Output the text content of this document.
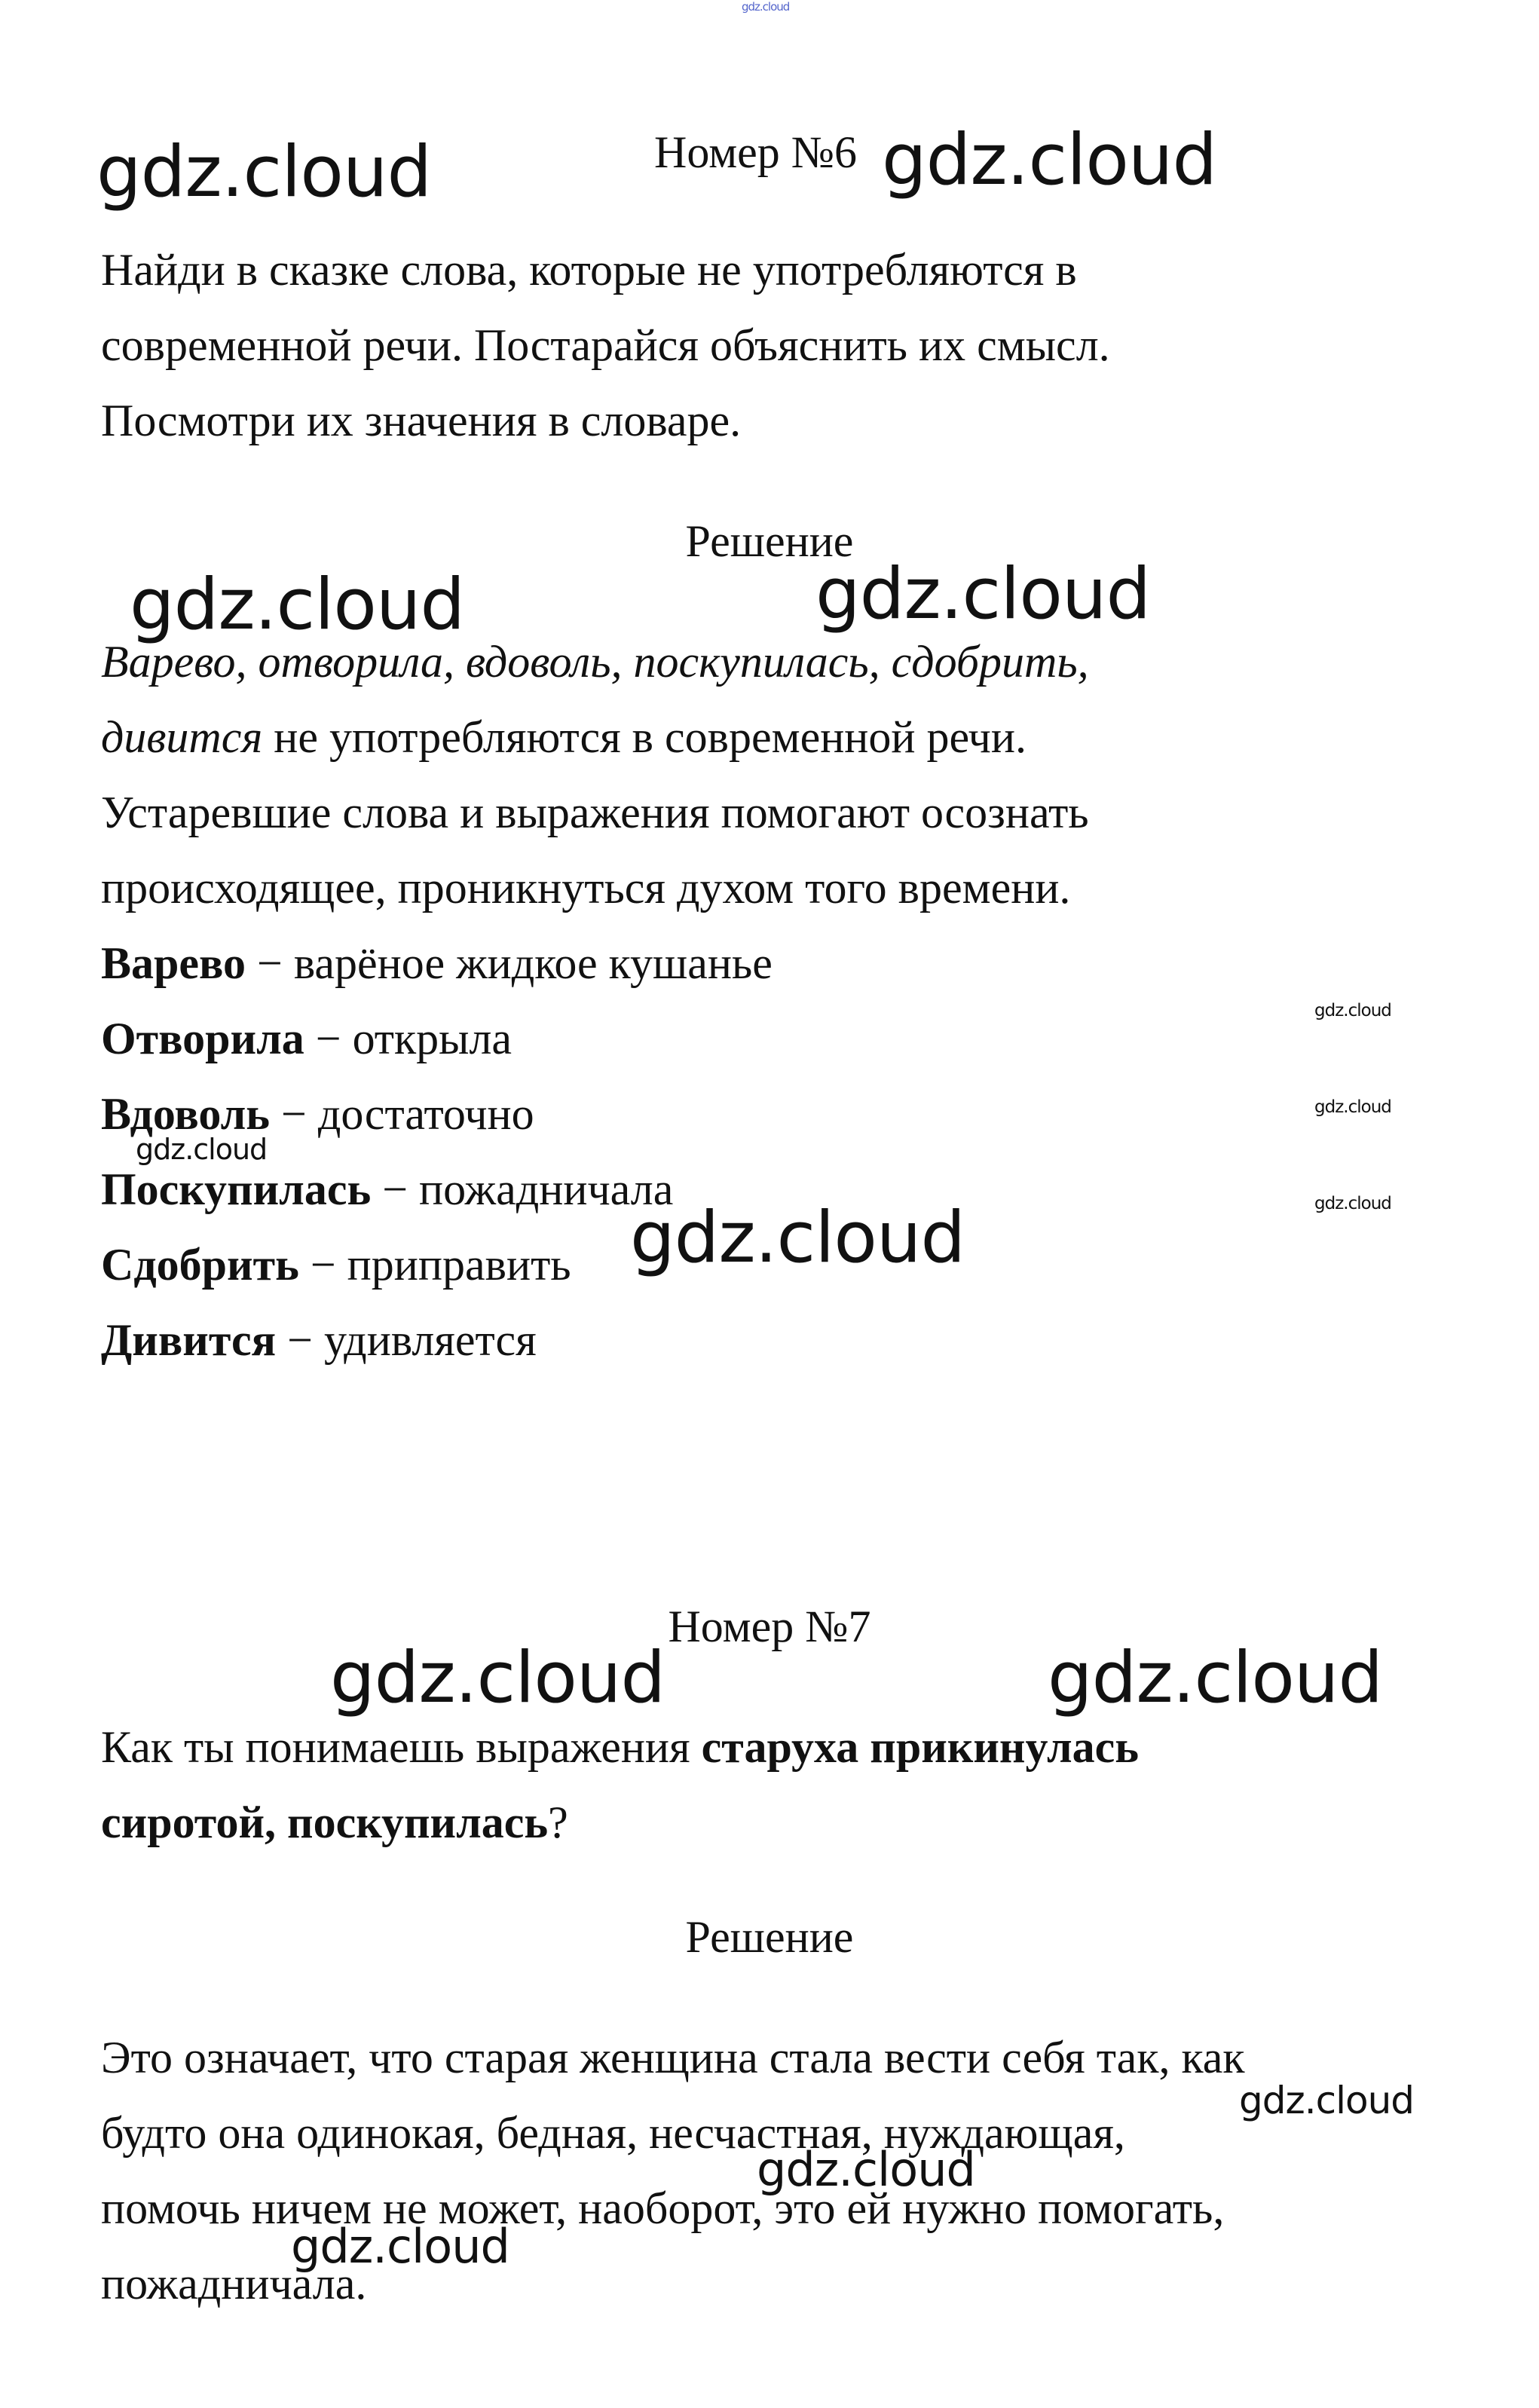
gdz.cloud
Номер №6
Найди в сказке слова, которые не употребляются в
современной речи. Постарайся объяснить их смысл.
Посмотри их значения в словаре.
Решение
Варево, отворила, вдоволь, поскупилась, сдобрить,
дивится не употребляются в современной речи.
Устаревшие слова и выражения помогают осознать
происходящее, проникнуться духом того времени.
Варево − варёное жидкое кушанье
Отворила − открыла
Вдоволь − достаточно
Поскупилась − пожадничала
Сдобрить − приправить
Дивится − удивляется
Номер №7
Как ты понимаешь выражения старуха прикинулась
сиротой, поскупилась?
Решение
Это означает, что старая женщина стала вести себя так, как
будто она одинокая, бедная, несчастная, нуждающая,
помочь ничем не может, наоборот, это ей нужно помогать,
пожадничала.
gdz.cloud	gdz.cloud
gdz.cloud	gdz.cloud
gdz.cloud
gdz.cloud
gdz.cloud
gdz.cloud
gdz.cloud
gdz.cloud	gdz.cloud
gdz.cloud
gdz.cloud
gdz.cloud
